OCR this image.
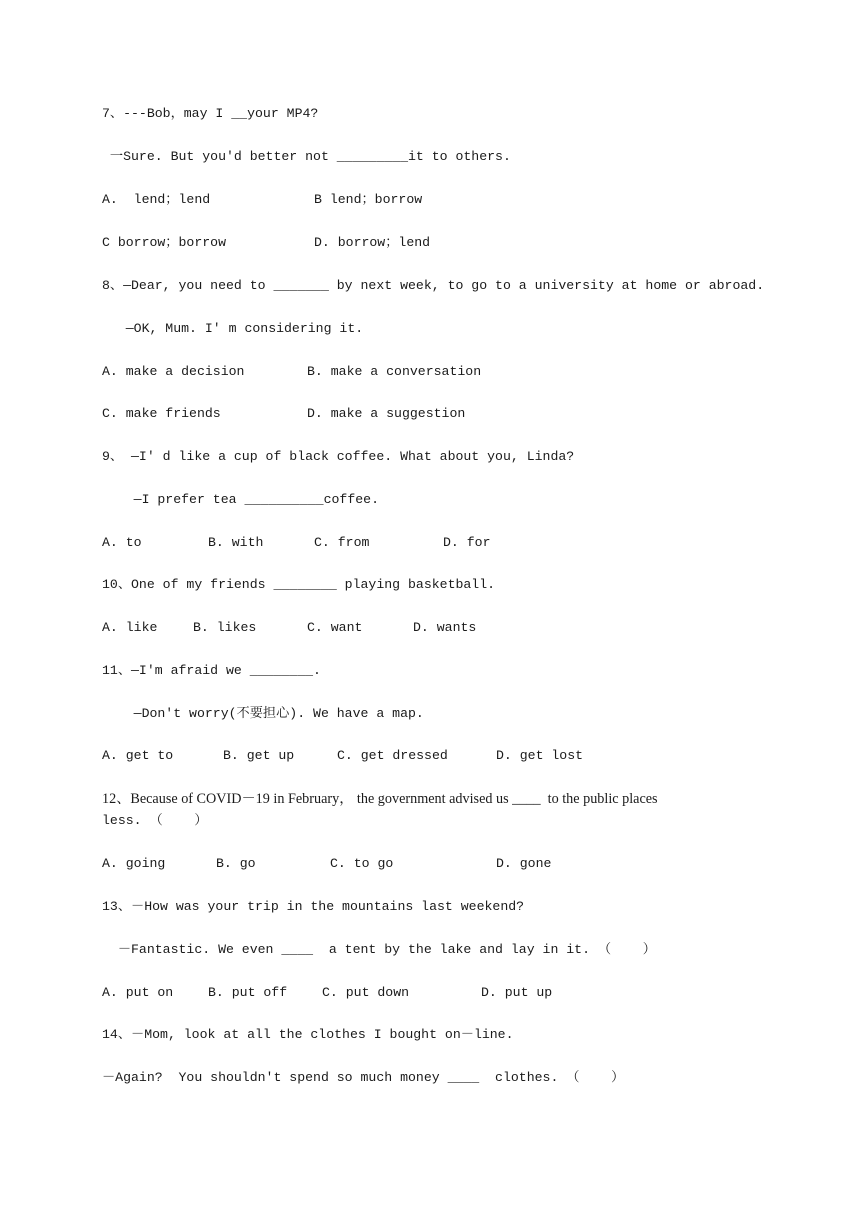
7、---Bob，may I __your MP4?
一Sure. But you'd better not _________it to others.
A.  lend；lend	B lend；borrow
C borrow；borrow	D. borrow；lend
8、—Dear, you need to _______ by next week, to go to a university at home or abroad.
—OK, Mum. I' m considering it.
A. make a decision	B. make a conversation
C. make friends	D. make a suggestion
9、 —I' d like a cup of black coffee. What about you, Linda?
—I prefer tea __________coffee.
A. to	B. with	C. from	D. for
10、One of my friends ________ playing basketball.
A. like	B. likes	C. want	D. wants
11、—I'm afraid we ________.
—Don't worry(不要担心). We have a map.
A. get to	B. get up	C. get dressed	D. get lost
12、Because of COVID－19 in February， the government advised us ____  to the public places
less. （    ）
A. going	B. go	C. to go	D. gone
13、－How was your trip in the mountains last weekend?
－Fantastic. We even ____  a tent by the lake and lay in it. （    ）
A. put on	B. put off	C. put down	D. put up
14、－Mom, look at all the clothes I bought on－line.
－Again?  You shouldn't spend so much money ____  clothes. （    ）
